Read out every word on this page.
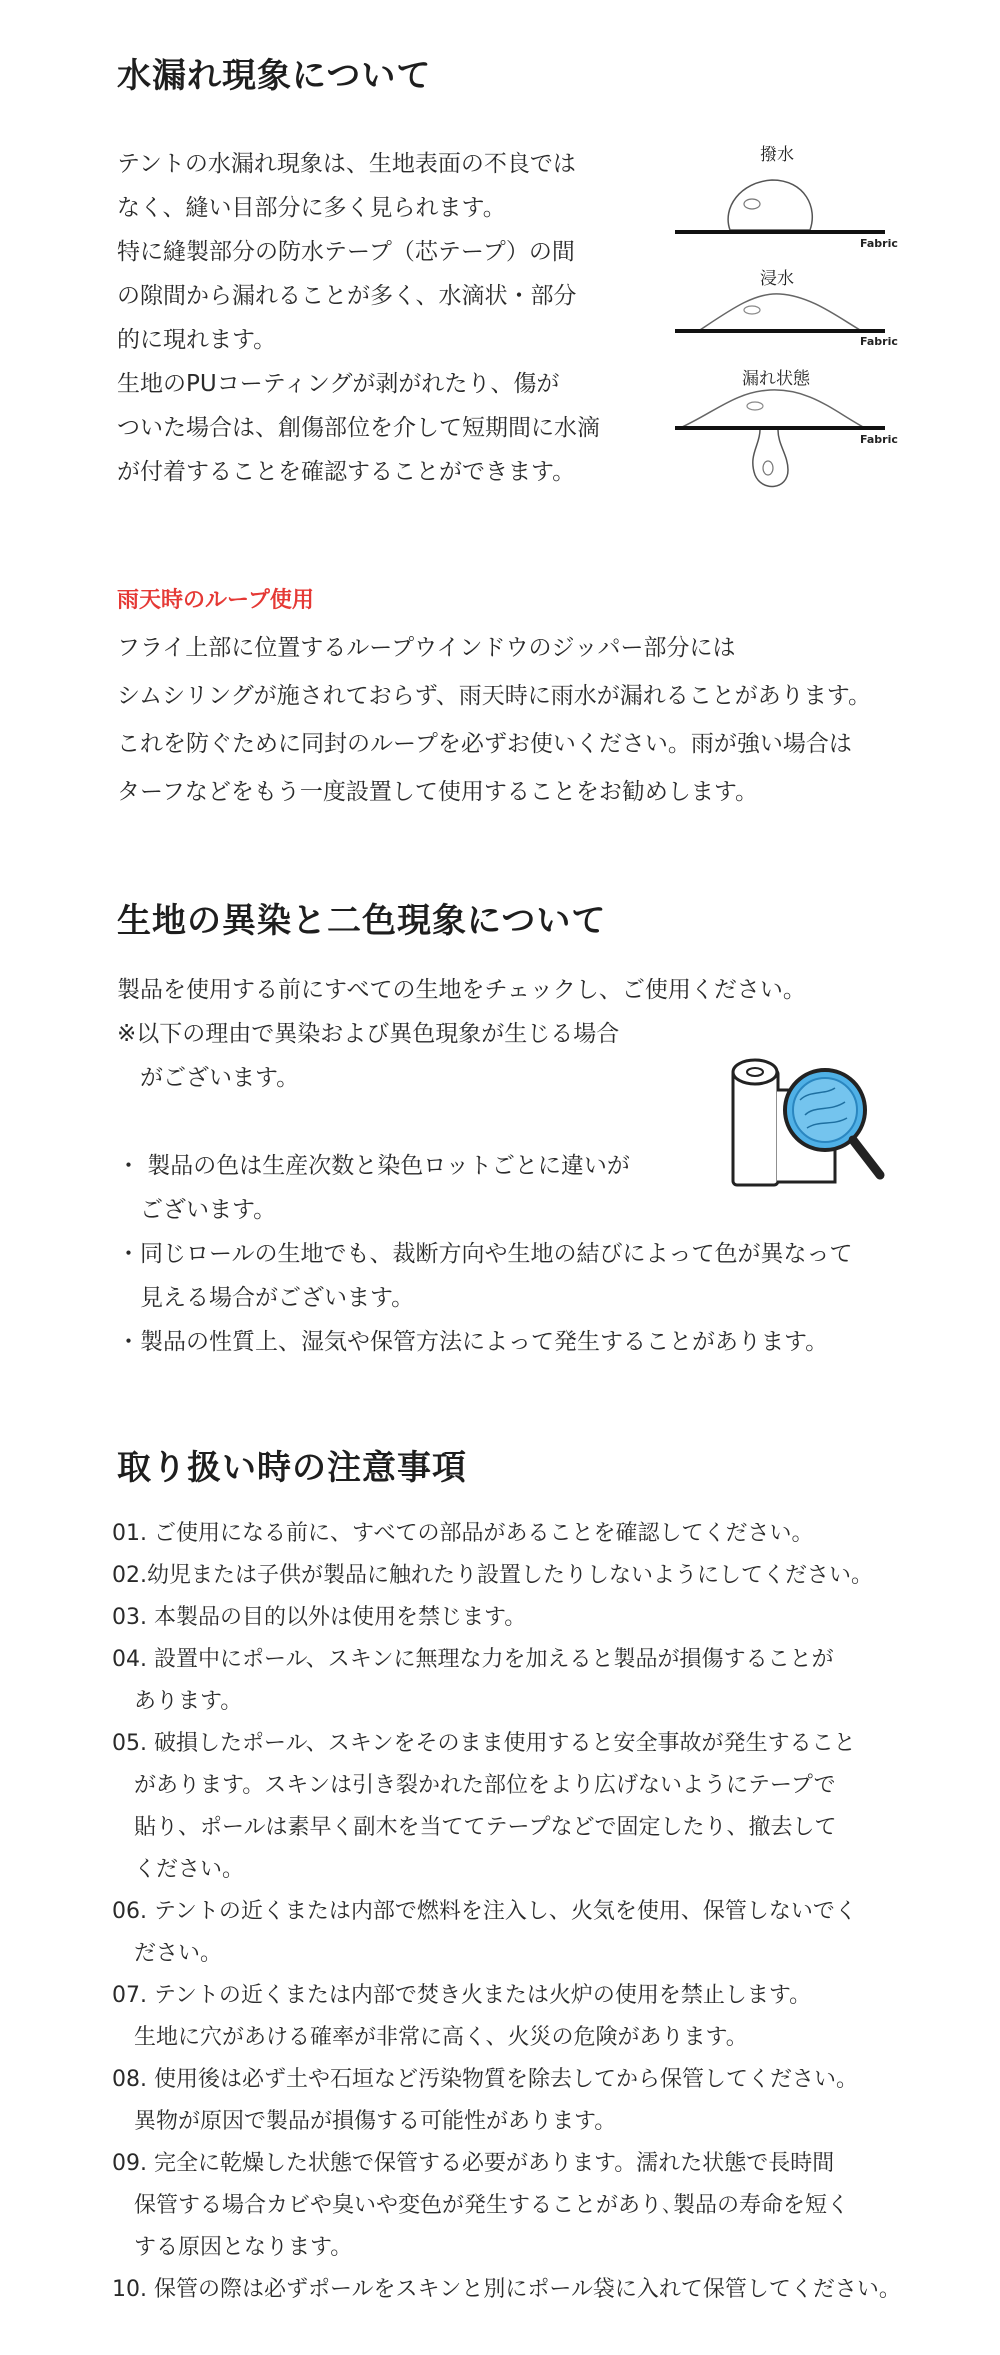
水漏れ現象について
テントの水漏れ現象は、生地表面の不良では
なく、縫い目部分に多く見られます。
特に縫製部分の防水テープ（芯テープ）の間
の隙間から漏れることが多く、水滴状・部分
的に現れます。
生地のPUコーティングが剥がれたり、傷が
ついた場合は、創傷部位を介して短期間に水滴
が付着することを確認することができます。
撥水
浸水
漏れ状態
Fabric
Fabric
Fabric
雨天時のループ使用
フライ上部に位置するループウインドウのジッパー部分には
シムシリングが施されておらず、雨天時に雨水が漏れることがあります。
これを防ぐために同封のループを必ずお使いください。雨が強い場合は
ターフなどをもう一度設置して使用することをお勧めします。
生地の異染と二色現象について
製品を使用する前にすべての生地をチェックし、ご使用ください。
※以下の理由で異染および異色現象が生じる場合
　がございます。

・ 製品の色は生産次数と染色ロットごとに違いが
　ございます。
・同じロールの生地でも、裁断方向や生地の結びによって色が異なって
　見える場合がございます。
・製品の性質上、湿気や保管方法によって発生することがあります。
取り扱い時の注意事項
01. ご使用になる前に、すべての部品があることを確認してください。
02.幼児または子供が製品に触れたり設置したりしないようにしてください。
03. 本製品の目的以外は使用を禁じます。
04. 設置中にポール、スキンに無理な力を加えると製品が損傷することが
　あります。
05. 破損したポール、スキンをそのまま使用すると安全事故が発生すること
　があります。スキンは引き裂かれた部位をより広げないようにテープで
　貼り、ポールは素早く副木を当ててテープなどで固定したり、撤去して
　ください。
06. テントの近くまたは内部で燃料を注入し、火気を使用、保管しないでく
　ださい。
07. テントの近くまたは内部で焚き火または火炉の使用を禁止します。
　生地に穴があける確率が非常に高く、火災の危険があります。
08. 使用後は必ず土や石垣など汚染物質を除去してから保管してください。
　異物が原因で製品が損傷する可能性があります。
09. 完全に乾燥した状態で保管する必要があります。濡れた状態で長時間
　保管する場合カビや臭いや変色が発生することがあり､製品の寿命を短く
　する原因となります。
10. 保管の際は必ずポールをスキンと別にポール袋に入れて保管してください。
